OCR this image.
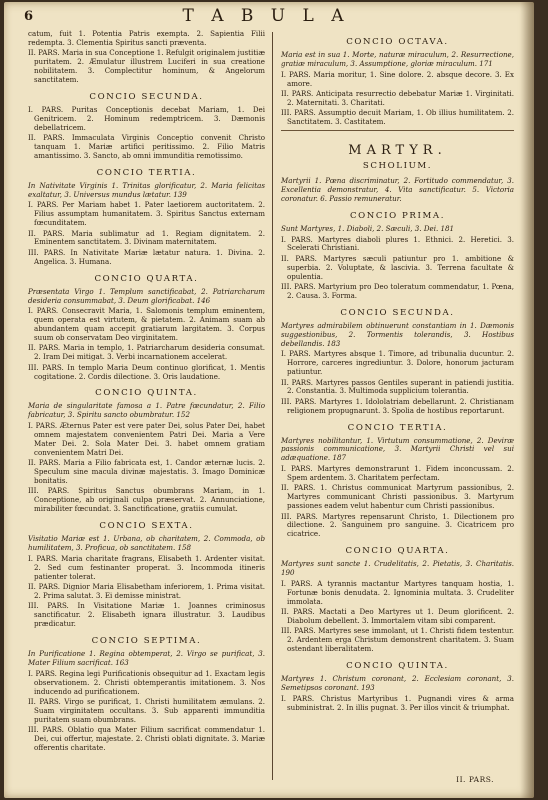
6	T A B U L A

catum, fuit 1. Potentia Patris exempta. 2. Sapientia Filii redempta. 3. Clementia Spiritus sancti præventa.

II. PARS. Maria in sua Conceptione 1. Refulgit originalem justitiæ puritatem. 2. Æmulatur illustrem Luciferi in sua creatione nobilitatem. 3. Complectitur hominum, & Angelorum sanctitatem.

CONCIO SECUNDA.

I. PARS. Puritas Conceptionis decebat Mariam, 1. Dei Genitricem. 2. Hominum redemptricem. 3. Dæmonis debellatricem.

II. PARS. Immaculata Virginis Conceptio convenit Christo tanquam 1. Mariæ artifici peritissimo. 2. Filio Matris amantissimo. 3. Sancto, ab omni immunditia remotissimo.

CONCIO TERTIA.
In Nativitate Virginis 1. Trinitas glorificatur, 2. Maria felicitas exaltatur, 3. Universus mundus lætatur. 139

I. PARS. Per Mariam habet 1. Pater laetiorem auctoritatem. 2. Filius assumptam humanitatem. 3. Spiritus Sanctus externam fœcunditatem.

II. PARS. Maria sublimatur ad 1. Regiam dignitatem. 2. Eminentem sanctitatem. 3. Divinam maternitatem.

III. PARS. In Nativitate Mariæ lætatur natura. 1. Divina. 2. Angelica. 3. Humana.

CONCIO QUARTA.
Præsentata Virgo 1. Templum sanctificabat, 2. Patriarcharum desideria consummabat, 3. Deum glorificabat. 146

I. PARS. Consecravit Maria, 1. Salomonis templum eminentem, quem operata est virtutem, & pietatem. 2. Animam suam ab abundantem quam accepit gratiarum largitatem. 3. Corpus suum ob conservatam Deo virginitatem.

II. PARS. Maria in templo, 1. Patriarcharum desideria consumat. 2. Iram Dei mitigat. 3. Verbi incarnationem accelerat.

III. PARS. In templo Maria Deum continuo glorificat, 1. Mentis cogitatione. 2. Cordis dilectione. 3. Oris laudatione.

CONCIO QUINTA.
Maria de singularitate famosa a 1. Patre fœcundatur, 2. Filio fabricatur, 3. Spiritu sancto obumbratur. 152

I. PARS. Æternus Pater est vere pater Dei, solus Pater Dei, habet omnem majestatem convenientem Patri Dei. Maria a Vere Mater Dei. 2. Sola Mater Dei. 3. habet omnem gratiam convenientem Matri Dei.

II. PARS. Maria a Filio fabricata est, 1. Candor æternæ lucis. 2. Speculum sine macula divinæ majestatis. 3. Imago Dominicæ bonitatis.

III. PARS. Spiritus Sanctus obumbrans Mariam, in 1. Conceptione, ab originali culpa præservat. 2. Annunciatione, mirabiliter fœcundat. 3. Sanctificatione, gratiis cumulat.

CONCIO SEXTA.
Visitatio Mariæ est 1. Urbana, ob charitatem, 2. Commoda, ob humilitatem, 3. Proficua, ob sanctitatem. 158

I. PARS. Maria charitate fragrans, Elisabeth 1. Ardenter visitat. 2. Sed cum festinanter properat. 3. Incommoda itineris patienter tolerat.

II. PARS. Dignior Maria Elisabetham inferiorem, 1. Prima visitat. 2. Prima salutat. 3. Ei demisse ministrat.

III. PARS. In Visitatione Mariæ 1. Joannes criminosus sanctificatur. 2. Elisabeth ignara illustratur. 3. Laudibus prædicatur.

CONCIO SEPTIMA.
In Purificatione 1. Regina obtemperat, 2. Virgo se purificat, 3. Mater Filium sacrificat. 163

I. PARS. Regina legi Purificationis obsequitur ad 1. Exactam legis observationem. 2. Christi obtemperantis imitationem. 3. Nos inducendo ad purificationem.

II. PARS. Virgo se purificat, 1. Christi humilitatem æmulans. 2. Suam virginitatem occultans. 3. Sub apparenti immunditia puritatem suam obumbrans.

III. PARS. Oblatio qua Mater Filium sacrificat commendatur 1. Dei, cui offertur, majestate. 2. Christi oblati dignitate. 3. Mariæ offerentis charitate.

CONCIO OCTAVA.
Maria est in sua 1. Morte, naturæ miraculum, 2. Resurrectione, gratiæ miraculum, 3. Assumptione, gloriæ miraculum. 171

I. PARS. Maria moritur, 1. Sine dolore. 2. absque decore. 3. Ex amore.

II. PARS. Anticipata resurrectio debebatur Mariæ 1. Virginitati. 2. Maternitati. 3. Charitati.

III. PARS. Assumptio decuit Mariam, 1. Ob illius humilitatem. 2. Sanctitatem. 3. Castitatem.

MARTYR.
SCHOLIUM.
Martyrii 1. Pœna discriminatur, 2. Fortitudo commendatur, 3. Excellentia demonstratur, 4. Vita sanctificatur. 5. Victoria coronatur. 6. Passio remuneratur.
CONCIO PRIMA.
Sunt Martyres, 1. Diaboli, 2. Sæculi, 3. Dei. 181

I. PARS. Martyres diaboli plures 1. Ethnici. 2. Heretici. 3. Scelerati Christiani.

II. PARS. Martyres sæculi patiuntur pro 1. ambitione & superbia. 2. Voluptate, & lascivia. 3. Terrena facultate & opulentia.

III. PARS. Martyrium pro Deo toleratum commendatur, 1. Pœna, 2. Causa. 3. Forma.

CONCIO SECUNDA.
Martyres admirabilem obtinuerunt constantiam in 1. Dæmonis suggestionibus, 2. Tormentis tolerandis, 3. Hostibus debellandis. 183

I. PARS. Martyres absque 1. Timore, ad tribunalia ducuntur. 2. Horrore, carceres ingrediuntur. 3. Dolore, honorum jacturam patiuntur.

II. PARS. Martyres passos Gentiles superant in patiendi justitia. 2. Constantia. 3. Multimoda supplicium tolerantia.

III. PARS. Martyres 1. Idololatriam debellarunt. 2. Christianam religionem propugnarunt. 3. Spolia de hostibus reportarunt.

CONCIO TERTIA.
Martyres nobilitantur, 1. Virtutum consummatione, 2. Deviræ passionis communicatione, 3. Martyrii Christi vel sui adæquatione. 187

I. PARS. Martyres demonstrarunt 1. Fidem inconcussam. 2. Spem ardentem. 3. Charitatem perfectam.

II. PARS. 1. Christus communicat Martyrum passionibus, 2. Martyres communicant Christi passionibus. 3. Martyrum passiones eadem velut habentur cum Christi passionibus.

III. PARS. Martyres repensarunt Christo, 1. Dilectionem pro dilectione. 2. Sanguinem pro sanguine. 3. Cicatricem pro cicatrice.

CONCIO QUARTA.
Martyres sunt sancte 1. Crudelitatis, 2. Pietatis, 3. Charitatis. 190

I. PARS. A tyrannis mactantur Martyres tanquam hostia, 1. Fortunæ bonis denudata. 2. Ignominia multata. 3. Crudeliter immolata.

II. PARS. Mactati a Deo Martyres ut 1. Deum glorificent. 2. Diabolum debellent. 3. Immortalem vitam sibi comparent.

III. PARS. Martyres sese immolant, ut 1. Christi fidem testentur. 2. Ardentem erga Christum demonstrent charitatem. 3. Suam ostendant liberalitatem.

CONCIO QUINTA.
Martyres 1. Christum coronant, 2. Ecclesiam coronant, 3. Semetipsos coronant. 193

I. PARS. Christus Martyribus 1. Pugnandi vires & arma subministrat. 2. In illis pugnat. 3. Per illos vincit & triumphat.

II. PARS.
